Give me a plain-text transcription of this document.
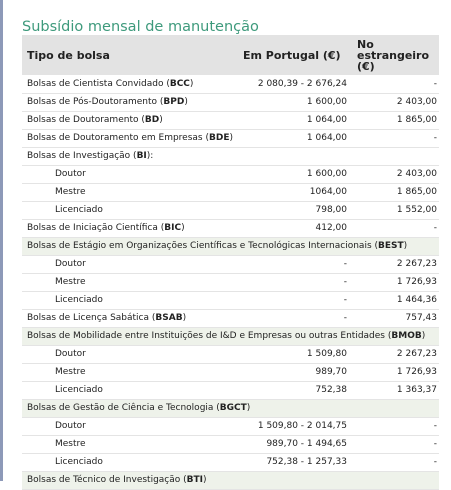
Subsídio mensal de manutenção
Tipo de bolsa	Em Portugal (€)	No estrangeiro (€)
Bolsas de Cientista Convidado (BCC)	2 080,39 - 2 676,24	-
Bolsas de Pós-Doutoramento (BPD)	1 600,00	2 403,00
Bolsas de Doutoramento (BD)	1 064,00	1 865,00
Bolsas de Doutoramento em Empresas (BDE)	1 064,00	-
Bolsas de Investigação (BI):		
Doutor	1 600,00	2 403,00
Mestre	1064,00	1 865,00
Licenciado	798,00	1 552,00
Bolsas de Iniciação Científica (BIC)	412,00	-
Bolsas de Estágio em Organizações Científicas e Tecnológicas Internacionais (BEST)		
Doutor	-	2 267,23
Mestre	-	1 726,93
Licenciado	-	1 464,36
Bolsas de Licença Sabática (BSAB)	-	757,43
Bolsas de Mobilidade entre Instituições de I&D e Empresas ou outras Entidades (BMOB)		
Doutor	1 509,80	2 267,23
Mestre	989,70	1 726,93
Licenciado	752,38	1 363,37
Bolsas de Gestão de Ciência e Tecnologia (BGCT)		
Doutor	1 509,80 - 2 014,75	-
Mestre	989,70 - 1 494,65	-
Licenciado	752,38 - 1 257,33	-
Bolsas de Técnico de Investigação (BTI)		
